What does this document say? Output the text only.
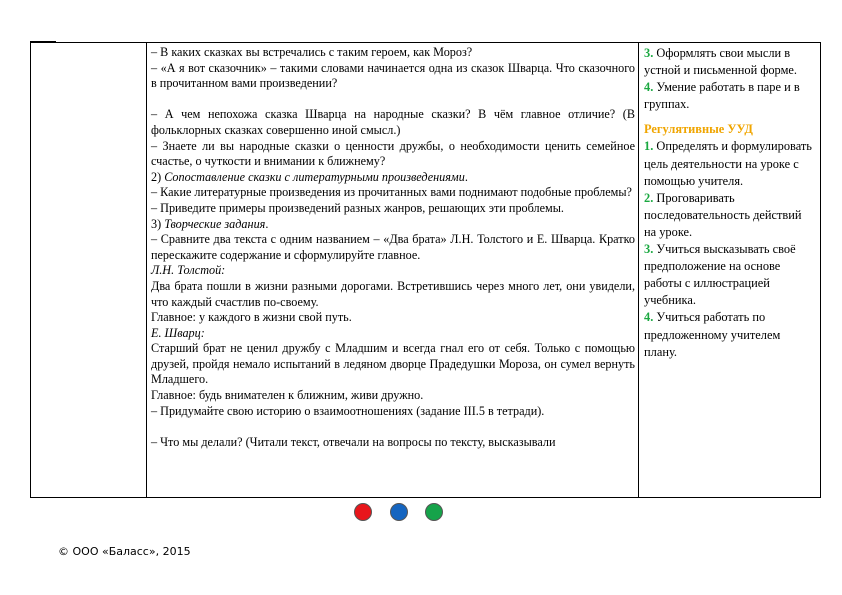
– В каких сказках вы встречались с таким героем, как Мороз?

– «А я вот сказочник» – такими словами начинается одна из сказок Шварца. Что сказочного в прочитанном вами произведении?

– А чем непохожа сказка Шварца на народные сказки? В чём главное отличие? (В фольклорных сказках совершенно иной смысл.)

– Знаете ли вы народные сказки о ценности дружбы, о необходимости ценить семейное счастье, о чуткости и внимании к ближнему?

2) Сопоставление сказки с литературными произведениями.

– Какие литературные произведения из прочитанных вами поднимают подобные проблемы?

– Приведите примеры произведений разных жанров, решающих эти проблемы.

3) Творческие задания.

– Сравните два текста с одним названием – «Два брата» Л.Н. Толстого и Е. Шварца. Кратко перескажите содержание и сформулируйте главное.

Л.Н. Толстой:

Два брата пошли в жизни разными дорогами. Встретившись через много лет, они увидели, что каждый счастлив по-своему.

Главное: у каждого в жизни свой путь.

Е. Шварц:

Старший брат не ценил дружбу с Младшим и всегда гнал его от себя. Только с помощью друзей, пройдя немало испытаний в ледяном дворце Прадедушки Мороза, он сумел вернуть Младшего.

Главное: будь внимателен к ближним, живи дружно.

– Придумайте свою историю о взаимоотношениях (задание III.5 в тетради).

– Что мы делали? (Читали текст, отвечали на вопросы по тексту, высказывали

3. Оформлять свои мысли в устной и письменной форме.

4. Умение работать в паре и в группах.

Регулятивные УУД

1. Определять и формулировать цель деятельности на уроке с помощью учителя.

2. Проговаривать последовательность действий на уроке.

3. Учиться высказывать своё предположение на основе работы с иллюстрацией учебника.

4. Учиться работать по предложенному учителем плану.

© ООО «Баласс», 2015
